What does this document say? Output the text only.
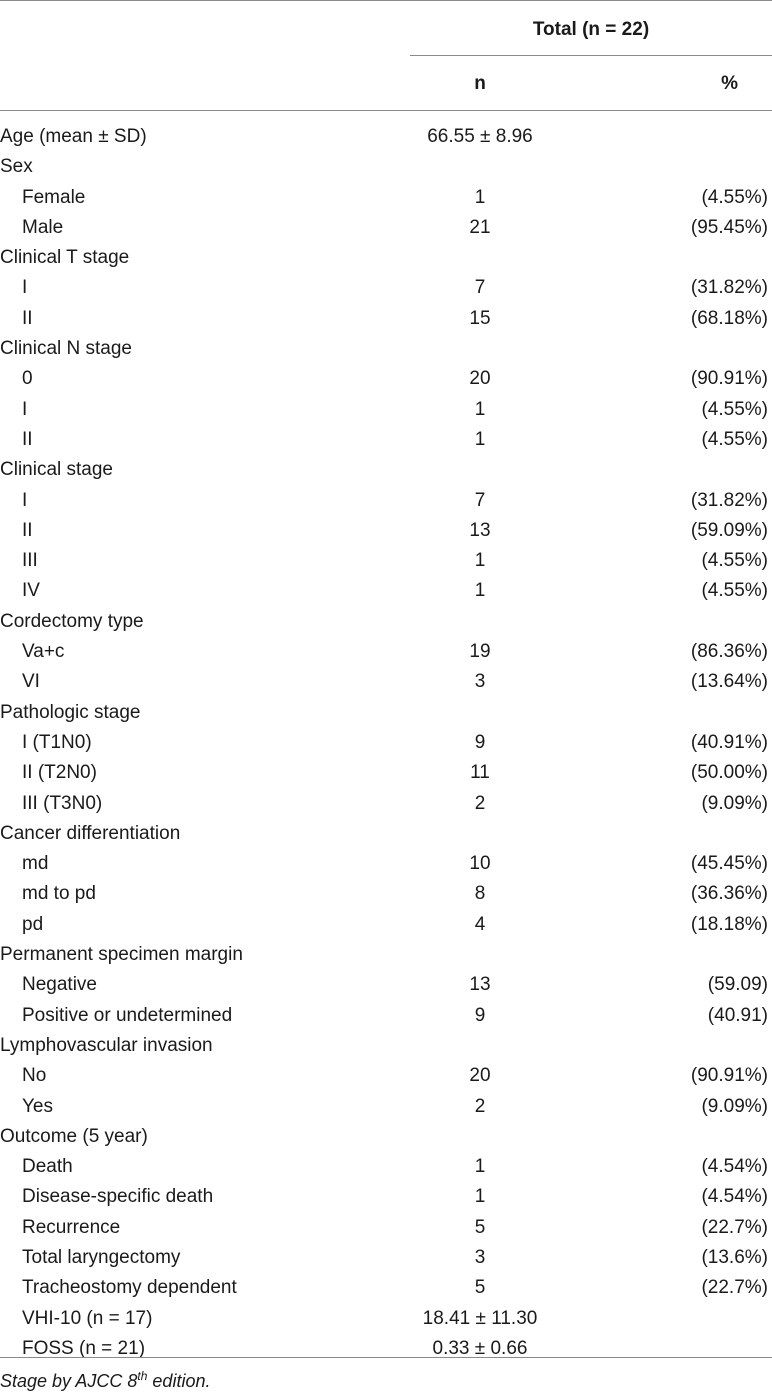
Total (n = 22)
n	%
Age (mean ± SD)	66.55 ± 8.96
Sex
Female	1	(4.55%)
Male	21	(95.45%)
Clinical T stage
I	7	(31.82%)
II	15	(68.18%)
Clinical N stage
0	20	(90.91%)
I	1	(4.55%)
II	1	(4.55%)
Clinical stage
I	7	(31.82%)
II	13	(59.09%)
III	1	(4.55%)
IV	1	(4.55%)
Cordectomy type
Va+c	19	(86.36%)
VI	3	(13.64%)
Pathologic stage
I (T1N0)	9	(40.91%)
II (T2N0)	11	(50.00%)
III (T3N0)	2	(9.09%)
Cancer differentiation
md	10	(45.45%)
md to pd	8	(36.36%)
pd	4	(18.18%)
Permanent specimen margin
Negative	13	(59.09)
Positive or undetermined	9	(40.91)
Lymphovascular invasion
No	20	(90.91%)
Yes	2	(9.09%)
Outcome (5 year)
Death	1	(4.54%)
Disease-specific death	1	(4.54%)
Recurrence	5	(22.7%)
Total laryngectomy	3	(13.6%)
Tracheostomy dependent	5	(22.7%)
VHI-10 (n = 17)	18.41 ± 11.30
FOSS (n = 21)	0.33 ± 0.66
Stage by AJCC 8th edition.
